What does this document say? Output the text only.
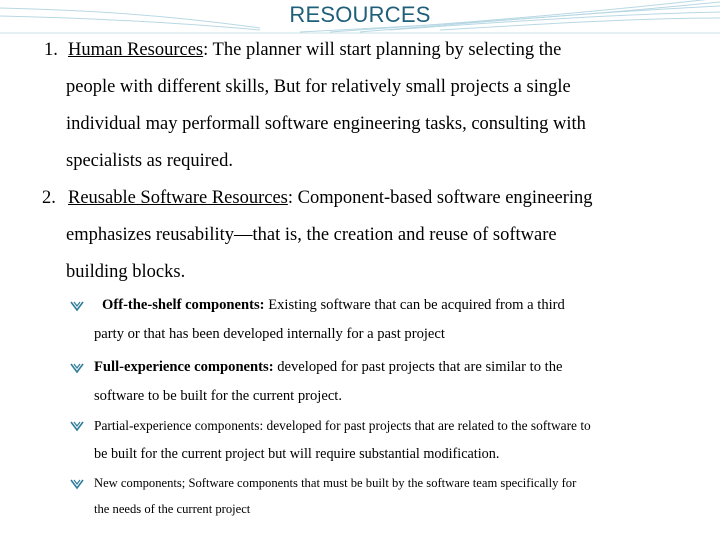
RESOURCES
1. Human Resources: The planner will start planning by selecting the
people with different skills, But for relatively small projects a single
individual may performall software engineering tasks, consulting with
specialists as required.
2. Reusable Software Resources: Component-based software engineering
emphasizes reusability—that is, the creation and reuse of software
building blocks.
Off-the-shelf components: Existing software that can be acquired from a third
party or that has been developed internally for a past project
Full-experience components: developed for past projects that are similar to the
software to be built for the current project.
Partial-experience components: developed for past projects that are related to the software to
be built for the current project but will require substantial modification.
New components; Software components that must be built by the software team specifically for
the needs of the current project
